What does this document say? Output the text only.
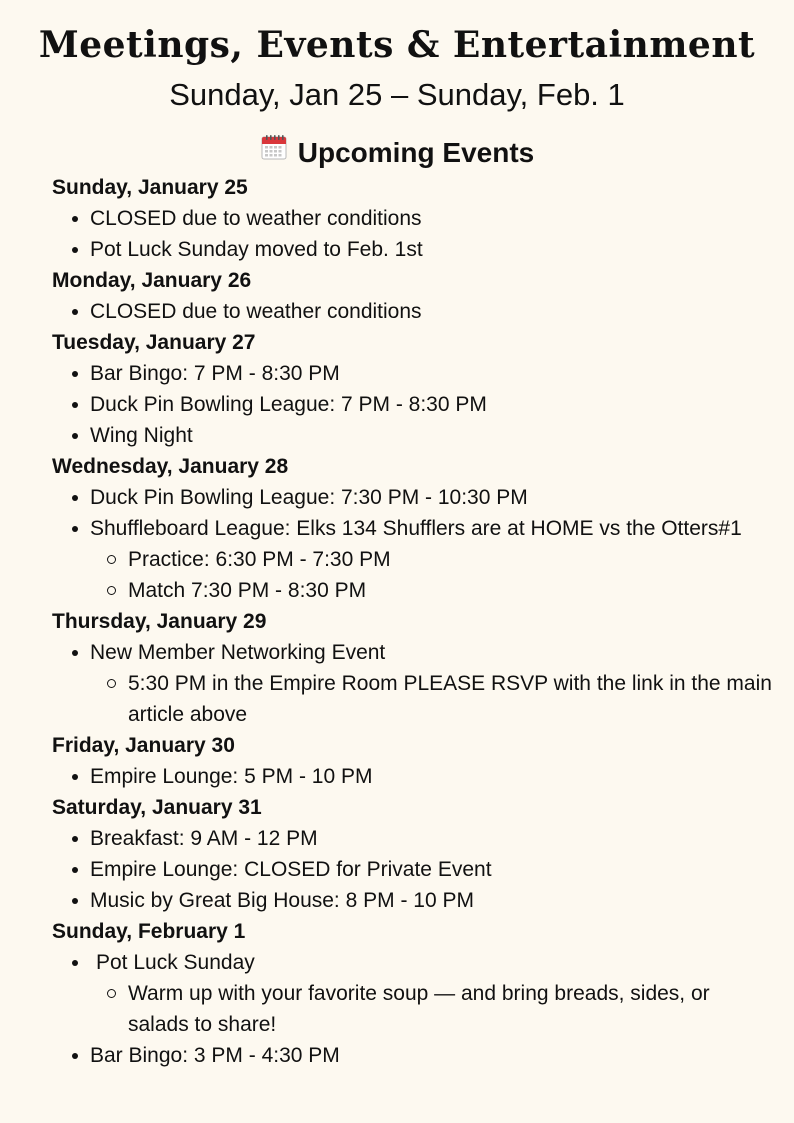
Meetings, Events & Entertainment
Sunday, Jan 25 – Sunday, Feb. 1
Upcoming Events
Sunday, January 25
CLOSED due to weather conditions
Pot Luck Sunday moved to Feb. 1st
Monday, January 26
CLOSED due to weather conditions
Tuesday, January 27
Bar Bingo: 7 PM - 8:30 PM
Duck Pin Bowling League: 7 PM - 8:30 PM
Wing Night
Wednesday, January 28
Duck Pin Bowling League: 7:30 PM - 10:30 PM
Shuffleboard League: Elks 134 Shufflers are at HOME vs the Otters#1
Practice: 6:30 PM - 7:30 PM
Match 7:30 PM - 8:30 PM
Thursday, January 29
New Member Networking Event
5:30 PM in the Empire Room PLEASE RSVP with the link in the main article above
Friday, January 30
Empire Lounge: 5 PM - 10 PM
Saturday, January 31
Breakfast: 9 AM - 12 PM
Empire Lounge: CLOSED for Private Event
Music by Great Big House: 8 PM - 10 PM
Sunday, February 1
Pot Luck Sunday
Warm up with your favorite soup — and bring breads, sides, or salads to share!
Bar Bingo: 3 PM - 4:30 PM
